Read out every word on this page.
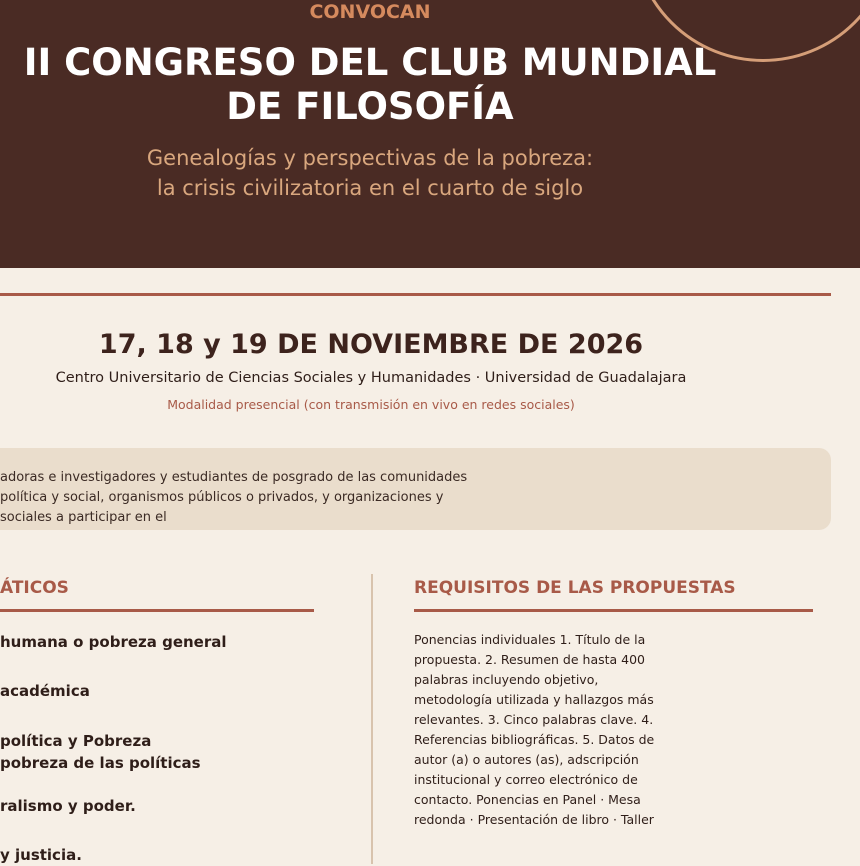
CONVOCAN
II CONGRESO DEL CLUB MUNDIAL
DE FILOSOFÍA
Genealogías y perspectivas de la pobreza:
la crisis civilizatoria en el cuarto de siglo
17, 18 y 19 DE NOVIEMBRE DE 2026
Centro Universitario de Ciencias Sociales y Humanidades · Universidad de Guadalajara
Modalidad presencial (con transmisión en vivo en redes sociales)
adoras e investigadores y estudiantes de posgrado de las comunidades
política y social, organismos públicos o privados, y organizaciones y
sociales a participar en el
ÁTICOS
humana o pobreza general
académica
política y Pobreza
pobreza de las políticas
ralismo y poder.
y justicia.
REQUISITOS DE LAS PROPUESTAS
Ponencias individuales 1. Título de la propuesta. 2. Resumen de hasta 400 palabras incluyendo objetivo, metodología utilizada y hallazgos más relevantes. 3. Cinco palabras clave. 4. Referencias bibliográficas. 5. Datos de autor (a) o autores (as), adscripción institucional y correo electrónico de contacto. Ponencias en Panel · Mesa redonda · Presentación de libro · Taller
